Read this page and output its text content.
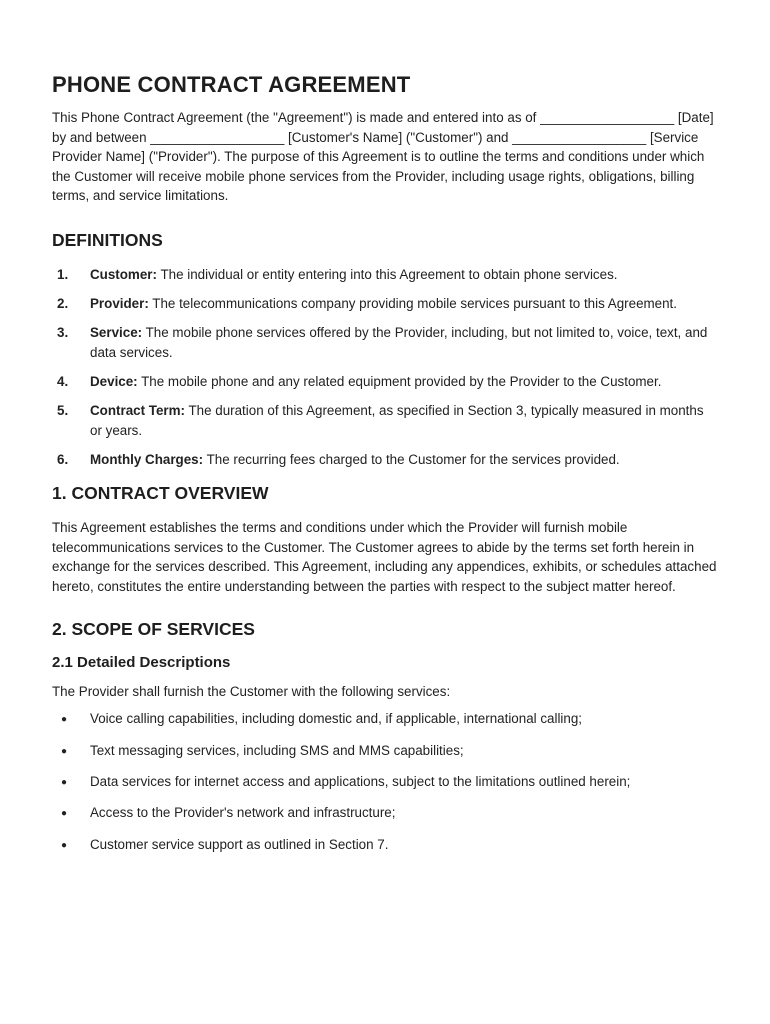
PHONE CONTRACT AGREEMENT

This Phone Contract Agreement (the "Agreement") is made and entered into as of __________________ [Date] by and between __________________ [Customer's Name] ("Customer") and __________________ [Service Provider Name] ("Provider"). The purpose of this Agreement is to outline the terms and conditions under which the Customer will receive mobile phone services from the Provider, including usage rights, obligations, billing terms, and service limitations.

DEFINITIONS
1.	Customer: The individual or entity entering into this Agreement to obtain phone services.
2.	Provider: The telecommunications company providing mobile services pursuant to this Agreement.
3.	Service: The mobile phone services offered by the Provider, including, but not limited to, voice, text, and data services.
4.	Device: The mobile phone and any related equipment provided by the Provider to the Customer.
5.	Contract Term: The duration of this Agreement, as specified in Section 3, typically measured in months or years.
6.	Monthly Charges: The recurring fees charged to the Customer for the services provided.
1. CONTRACT OVERVIEW

This Agreement establishes the terms and conditions under which the Provider will furnish mobile telecommunications services to the Customer. The Customer agrees to abide by the terms set forth herein in exchange for the services described. This Agreement, including any appendices, exhibits, or schedules attached hereto, constitutes the entire understanding between the parties with respect to the subject matter hereof.

2. SCOPE OF SERVICES
2.1 Detailed Descriptions

The Provider shall furnish the Customer with the following services:

●	Voice calling capabilities, including domestic and, if applicable, international calling;
●	Text messaging services, including SMS and MMS capabilities;
●	Data services for internet access and applications, subject to the limitations outlined herein;
●	Access to the Provider's network and infrastructure;
●	Customer service support as outlined in Section 7.
